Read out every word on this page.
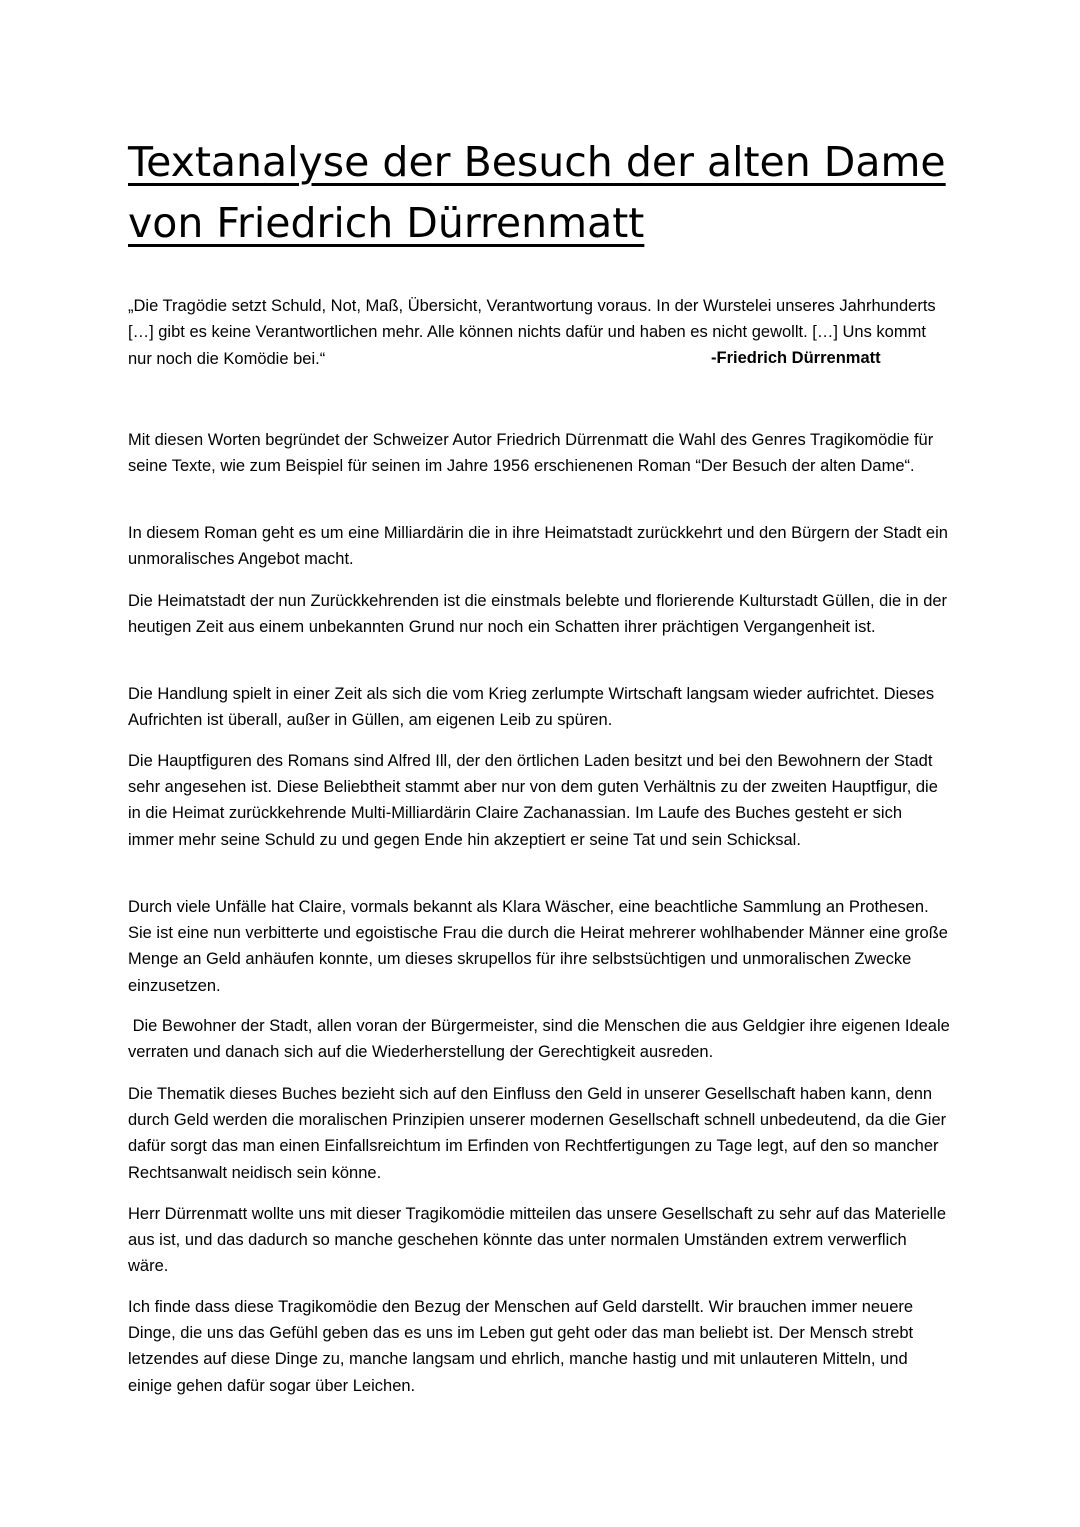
Textanalyse der Besuch der alten Dame
von Friedrich Dürrenmatt

„Die Tragödie setzt Schuld, Not, Maß, Übersicht, Verantwortung voraus. In der Wurstelei unseres Jahrhunderts […] gibt es keine Verantwortlichen mehr. Alle können nichts dafür und haben es nicht gewollt. […] Uns kommt nur noch die Komödie bei.“	-Friedrich Dürrenmatt

Mit diesen Worten begründet der Schweizer Autor Friedrich Dürrenmatt die Wahl des Genres Tragikomödie für seine Texte, wie zum Beispiel für seinen im Jahre 1956 erschienenen Roman “Der Besuch der alten Dame“.

In diesem Roman geht es um eine Milliardärin die in ihre Heimatstadt zurückkehrt und den Bürgern der Stadt ein unmoralisches Angebot macht.

Die Heimatstadt der nun Zurückkehrenden ist die einstmals belebte und florierende Kulturstadt Güllen, die in der heutigen Zeit aus einem unbekannten Grund nur noch ein Schatten ihrer prächtigen Vergangenheit ist.

Die Handlung spielt in einer Zeit als sich die vom Krieg zerlumpte Wirtschaft langsam wieder aufrichtet. Dieses Aufrichten ist überall, außer in Güllen, am eigenen Leib zu spüren.

Die Hauptfiguren des Romans sind Alfred Ill, der den örtlichen Laden besitzt und bei den Bewohnern der Stadt sehr angesehen ist. Diese Beliebtheit stammt aber nur von dem guten Verhältnis zu der zweiten Hauptfigur, die in die Heimat zurückkehrende Multi-Milliardärin Claire Zachanassian. Im Laufe des Buches gesteht er sich immer mehr seine Schuld zu und gegen Ende hin akzeptiert er seine Tat und sein Schicksal.

Durch viele Unfälle hat Claire, vormals bekannt als Klara Wäscher, eine beachtliche Sammlung an Prothesen. Sie ist eine nun verbitterte und egoistische Frau die durch die Heirat mehrerer wohlhabender Männer eine große Menge an Geld anhäufen konnte, um dieses skrupellos für ihre selbstsüchtigen und unmoralischen Zwecke einzusetzen.

Die Bewohner der Stadt, allen voran der Bürgermeister, sind die Menschen die aus Geldgier ihre eigenen Ideale verraten und danach sich auf die Wiederherstellung der Gerechtigkeit ausreden.

Die Thematik dieses Buches bezieht sich auf den Einfluss den Geld in unserer Gesellschaft haben kann, denn durch Geld werden die moralischen Prinzipien unserer modernen Gesellschaft schnell unbedeutend, da die Gier dafür sorgt das man einen Einfallsreichtum im Erfinden von Rechtfertigungen zu Tage legt, auf den so mancher Rechtsanwalt neidisch sein könne.

Herr Dürrenmatt wollte uns mit dieser Tragikomödie mitteilen das unsere Gesellschaft zu sehr auf das Materielle aus ist, und das dadurch so manche geschehen könnte das unter normalen Umständen extrem verwerflich wäre.

Ich finde dass diese Tragikomödie den Bezug der Menschen auf Geld darstellt. Wir brauchen immer neuere Dinge, die uns das Gefühl geben das es uns im Leben gut geht oder das man beliebt ist. Der Mensch strebt letzendes auf diese Dinge zu, manche langsam und ehrlich, manche hastig und mit unlauteren Mitteln, und einige gehen dafür sogar über Leichen.
